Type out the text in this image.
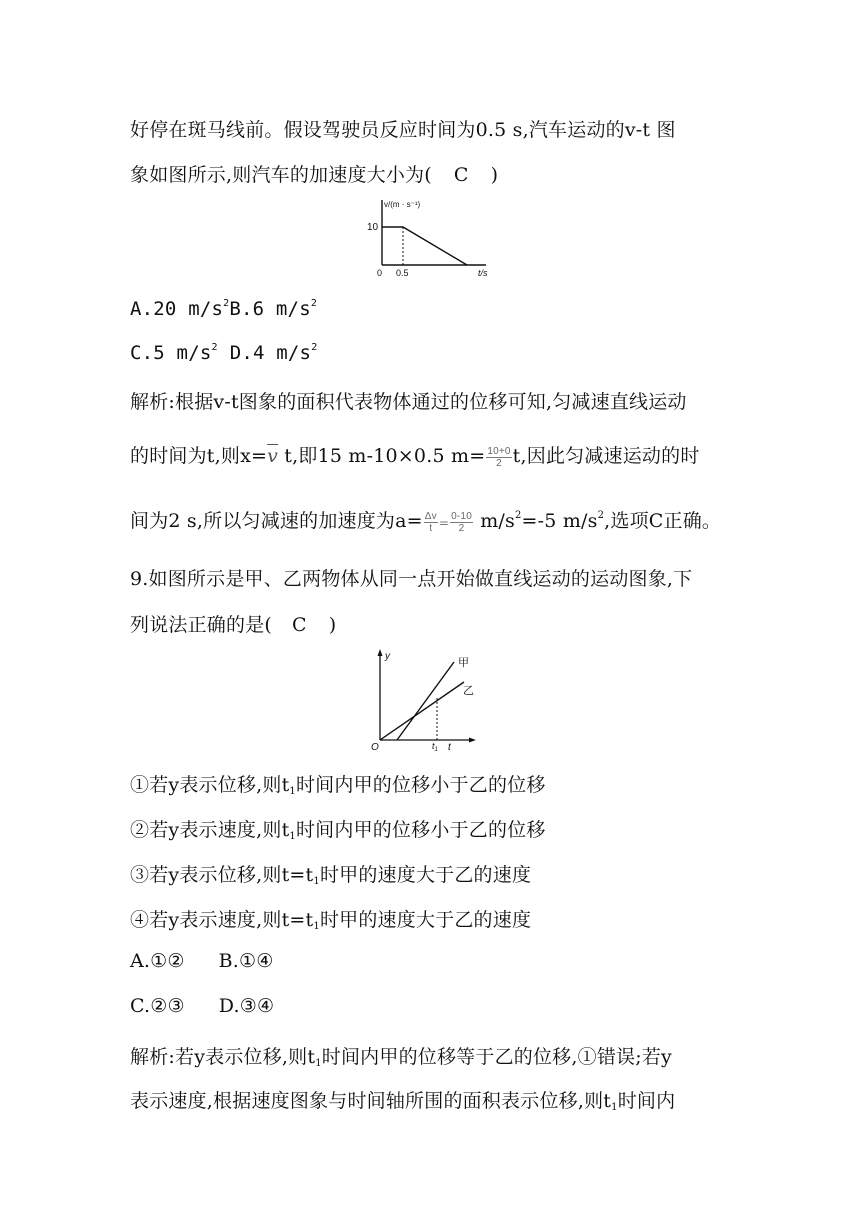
好停在斑马线前。假设驾驶员反应时间为0.5 s,汽车运动的v-t 图
象如图所示,则汽车的加速度大小为( C )
v/(m · s⁻¹)
10
0 0.5	t/s
A.20 $m/s^2B.6$ $m/s^2$
C.5 $m/s^2$ D.4 $m/s^2$
解析:根据v-t图象的面积代表物体通过的位移可知,匀减速直线运动
的时间为t,则$x=\overline{v}$ t,即15 m-10×0.5 $m= \frac{10+0}{2} t$,因此匀减速运动的时
间为2 s,所以匀减速的加速度为$a= \frac{\Delta v}{t} = \frac{0-10}{2} m/s^2=-5$ $m/s^2$,选项C正确。
9.如图所示是甲、乙两物体从同一点开始做直线运动的运动图象,下
列说法正确的是( C )
y
O	t
$t_1$
甲
乙
①若y表示位移,则$t_1$时间内甲的位移小于乙的位移
②若y表示速度,则$t_1$时间内甲的位移小于乙的位移
③若y表示位移,则$t=t_1$时甲的速度大于乙的速度
④若y表示速度,则$t=t_1$时甲的速度大于乙的速度
A.①② B.①④
C.②③ D.③④
解析:若y表示位移,则$t_1$时间内甲的位移等于乙的位移,①错误;若y
表示速度,根据速度图象与时间轴所围的面积表示位移,则$t_1$时间内
